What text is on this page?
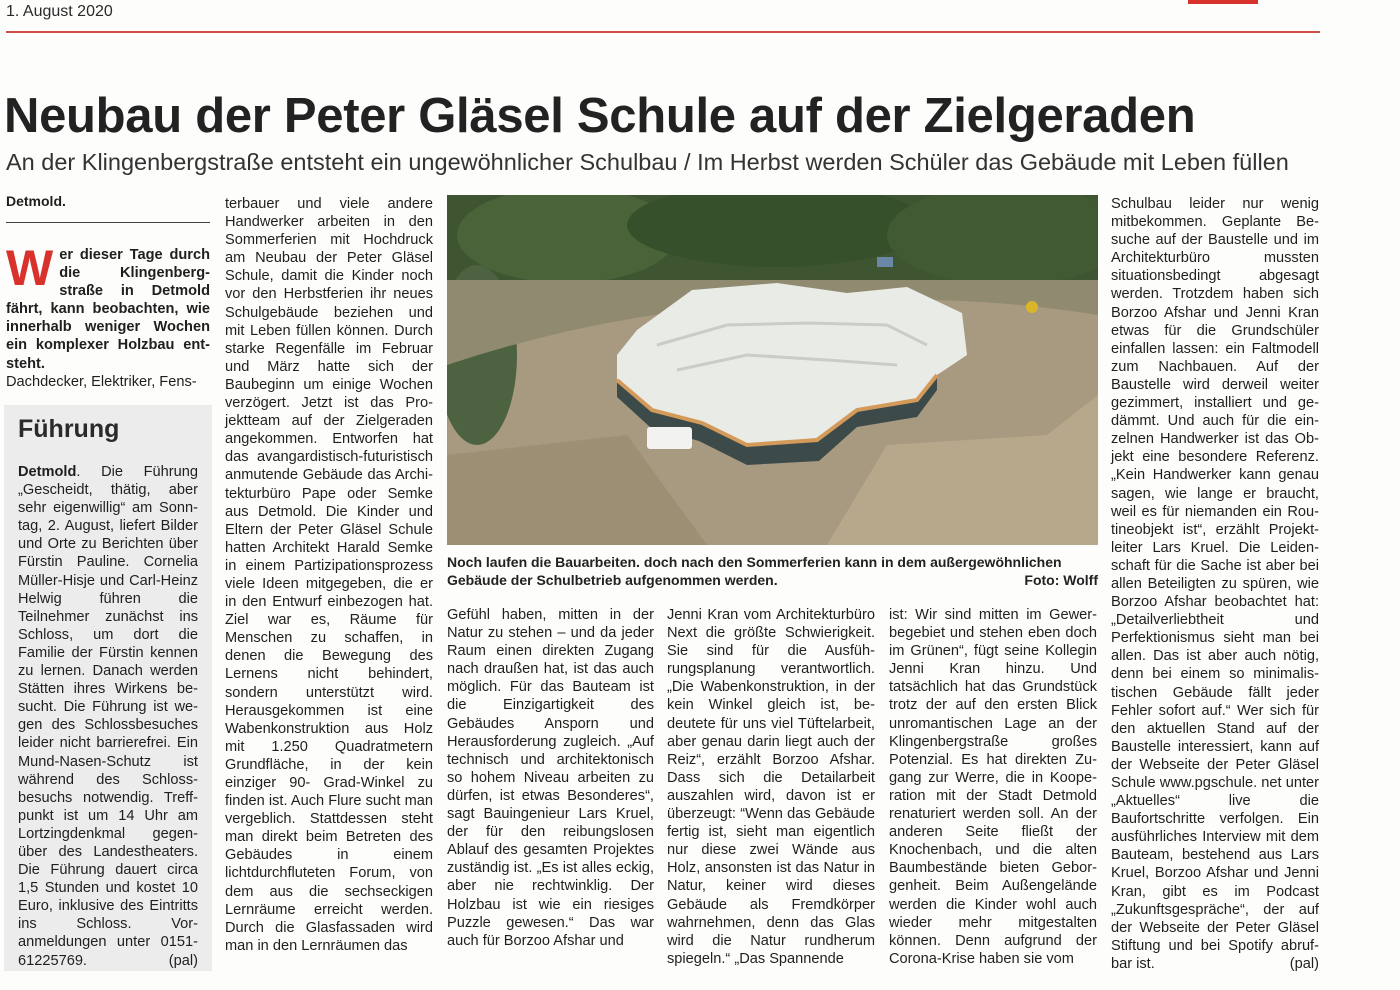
1. August 2020
Neubau der Peter Gläsel Schule auf der Zielgeraden
An der Klingenbergstraße entsteht ein ungewöhnlicher Schulbau / Im Herbst werden Schüler das Gebäude mit Leben füllen
Detmold.
Wer dieser Tage durch die Klingenbergstraße in Detmold fährt, kann beobachten, wie innerhalb weniger Wochen ein komplexer Holzbau entsteht.
Dachdecker, Elektriker, Fens-
Führung
Detmold. Die Führung „Gescheidt, thätig, aber sehr eigenwillig“ am Sonntag, 2. August, liefert Bilder und Orte zu Berichten über Fürstin Pauline. Cornelia Müller-Hisje und Carl-Heinz Helwig führen die Teilnehmer zunächst ins Schloss, um dort die Familie der Fürstin kennen zu lernen. Danach werden Stätten ihres Wirkens besucht. Die Führung ist wegen des Schlossbesuches leider nicht barrierefrei. Ein Mund-Nasen-Schutz ist während des Schlossbesuchs notwendig. Treffpunkt ist um 14 Uhr am Lortzingdenkmal gegenüber des Landestheaters. Die Führung dauert circa 1,5 Stunden und kostet 10 Euro, inklusive des Eintritts ins Schloss. Voranmeldungen unter 0151-61225769.	(pal)
terbauer und viele andere Handwerker arbeiten in den Sommerferien mit Hochdruck am Neubau der Peter Gläsel Schule, damit die Kinder noch vor den Herbstferien ihr neues Schulgebäude beziehen und mit Leben füllen können. Durch starke Regenfälle im Februar und März hatte sich der Baubeginn um einige Wochen verzögert. Jetzt ist das Projektteam auf der Zielgeraden angekommen. Entworfen hat das avangardistisch-futuristisch anmutende Gebäude das Architekturbüro Pape oder Semke aus Detmold. Die Kinder und Eltern der Peter Gläsel Schule hatten Architekt Harald Semke in einem Partizipationsprozess viele Ideen mitgegeben, die er in den Entwurf einbezogen hat. Ziel war es, Räume für Menschen zu schaffen, in denen die Bewegung des Lernens nicht behindert, sondern unterstützt wird. Herausgekommen ist eine Wabenkonstruktion aus Holz mit 1.250 Quadratmetern Grundfläche, in der kein einziger 90- Grad-Winkel zu finden ist. Auch Flure sucht man vergeblich. Stattdessen steht man direkt beim Betreten des Gebäudes in einem lichtdurchfluteten Forum, von dem aus die sechseckigen Lernräume erreicht werden. Durch die Glasfassaden wird man in den Lernräumen das
Noch laufen die Bauarbeiten. doch nach den Sommerferien kann in dem außergewöhnlichen Gebäude der Schulbetrieb aufgenommen werden.	Foto: Wolff
Gefühl haben, mitten in der Natur zu stehen – und da jeder Raum einen direkten Zugang nach draußen hat, ist das auch möglich. Für das Bauteam ist die Einzigartigkeit des Gebäudes Ansporn und Herausforderung zugleich. „Auf technisch und architektonisch so hohem Niveau arbeiten zu dürfen, ist etwas Besonderes“, sagt Bauingenieur Lars Kruel, der für den reibungslosen Ablauf des gesamten Projektes zuständig ist. „Es ist alles eckig, aber nie rechtwinklig. Der Holzbau ist wie ein riesiges Puzzle gewesen.“ Das war auch für Borzoo Afshar und
Jenni Kran vom Architekturbüro Next die größte Schwierigkeit. Sie sind für die Ausführungsplanung verantwortlich. „Die Wabenkonstruktion, in der kein Winkel gleich ist, bedeutete für uns viel Tüftelarbeit, aber genau darin liegt auch der Reiz“, erzählt Borzoo Afshar. Dass sich die Detailarbeit auszahlen wird, davon ist er überzeugt: “Wenn das Gebäude fertig ist, sieht man eigentlich nur diese zwei Wände aus Holz, ansonsten ist das Natur in Natur, keiner wird dieses Gebäude als Fremdkörper wahrnehmen, denn das Glas wird die Natur rundherum spiegeln.“ „Das Spannende
ist: Wir sind mitten im Gewerbegebiet und stehen eben doch im Grünen“, fügt seine Kollegin Jenni Kran hinzu. Und tatsächlich hat das Grundstück trotz der auf den ersten Blick unromantischen Lage an der Klingenbergstraße großes Potenzial. Es hat direkten Zugang zur Werre, die in Kooperation mit der Stadt Detmold renaturiert werden soll. An der anderen Seite fließt der Knochenbach, und die alten Baumbestände bieten Geborgenheit. Beim Außengelände werden die Kinder wohl auch wieder mehr mitgestalten können. Denn aufgrund der Corona-Krise haben sie vom
Schulbau leider nur wenig mitbekommen. Geplante Besuche auf der Baustelle und im Architekturbüro mussten situationsbedingt abgesagt werden. Trotzdem haben sich Borzoo Afshar und Jenni Kran etwas für die Grundschüler einfallen lassen: ein Faltmodell zum Nachbauen. Auf der Baustelle wird derweil weiter gezimmert, installiert und gedämmt. Und auch für die einzelnen Handwerker ist das Objekt eine besondere Referenz. „Kein Handwerker kann genau sagen, wie lange er braucht, weil es für niemanden ein Routineobjekt ist“, erzählt Projektleiter Lars Kruel. Die Leidenschaft für die Sache ist aber bei allen Beteiligten zu spüren, wie Borzoo Afshar beobachtet hat: „Detailverliebtheit und Perfektionismus sieht man bei allen. Das ist aber auch nötig, denn bei einem so minimalistischen Gebäude fällt jeder Fehler sofort auf.“ Wer sich für den aktuellen Stand auf der Baustelle interessiert, kann auf der Webseite der Peter Gläsel Schule www.pgschule. net unter „Aktuelles“ live die Baufortschritte verfolgen. Ein ausführliches Interview mit dem Bauteam, bestehend aus Lars Kruel, Borzoo Afshar und Jenni Kran, gibt es im Podcast „Zukunftsgespräche“, der auf der Webseite der Peter Gläsel Stiftung und bei Spotify abrufbar ist.	(pal)
